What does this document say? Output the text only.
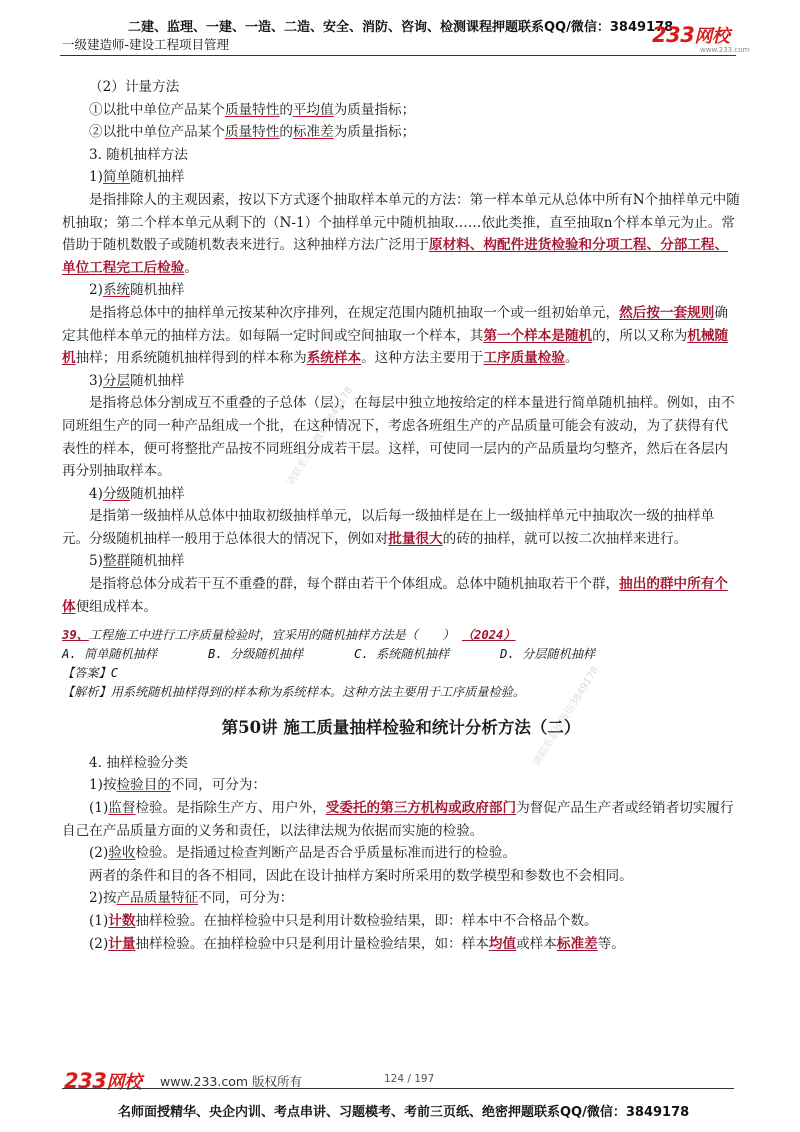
二建、监理、一建、一造、二造、安全、消防、咨询、检测课程押题联系QQ/微信：3849178
一级建造师-建设工程项目管理	233网校
www.233.com
请联系系统微信3849178
请联系系统微信3849178

（2）计量方法

①以批中单位产品某个质量特性的平均值为质量指标；

②以批中单位产品某个质量特性的标准差为质量指标；

3. 随机抽样方法

1)简单随机抽样

是指排除人的主观因素，按以下方式逐个抽取样本单元的方法：第一样本单元从总体中所有N个抽样单元中随机抽取；第二个样本单元从剩下的（N-1）个抽样单元中随机抽取……依此类推，直至抽取n个样本单元为止。常借助于随机数骰子或随机数表来进行。这种抽样方法广泛用于原材料、构配件进货检验和分项工程、分部工程、单位工程完工后检验。

2)系统随机抽样

是指将总体中的抽样单元按某种次序排列，在规定范围内随机抽取一个或一组初始单元，然后按一套规则确定其他样本单元的抽样方法。如每隔一定时间或空间抽取一个样本，其第一个样本是随机的，所以又称为机械随机抽样；用系统随机抽样得到的样本称为系统样本。这种方法主要用于工序质量检验。

3)分层随机抽样

是指将总体分割成互不重叠的子总体（层），在每层中独立地按给定的样本量进行简单随机抽样。例如，由不同班组生产的同一种产品组成一个批，在这种情况下，考虑各班组生产的产品质量可能会有波动，为了获得有代表性的样本，便可将整批产品按不同班组分成若干层。这样，可使同一层内的产品质量均匀整齐，然后在各层内再分别抽取样本。

4)分级随机抽样

是指第一级抽样从总体中抽取初级抽样单元，以后每一级抽样是在上一级抽样单元中抽取次一级的抽样单元。分级随机抽样一般用于总体很大的情况下，例如对批量很大的砖的抽样，就可以按二次抽样来进行。

5)整群随机抽样

是指将总体分成若干互不重叠的群，每个群由若干个体组成。总体中随机抽取若干个群，抽出的群中所有个体便组成样本。

39、工程施工中进行工序质量检验时，宜采用的随机抽样方法是（　　） （2024）
A. 简单随机抽样	B. 分级随机抽样	C. 系统随机抽样	D. 分层随机抽样
【答案】C
【解析】用系统随机抽样得到的样本称为系统样本。这种方法主要用于工序质量检验。
第50讲 施工质量抽样检验和统计分析方法（二）

4. 抽样检验分类

1)按检验目的不同，可分为：

(1)监督检验。是指除生产方、用户外，受委托的第三方机构或政府部门为督促产品生产者或经销者切实履行自己在产品质量方面的义务和责任，以法律法规为依据而实施的检验。

(2)验收检验。是指通过检查判断产品是否合乎质量标准而进行的检验。

两者的条件和目的各不相同，因此在设计抽样方案时所采用的数学模型和参数也不会相同。

2)按产品质量特征不同，可分为：

(1)计数抽样检验。在抽样检验中只是利用计数检验结果，即：样本中不合格品个数。

(2)计量抽样检验。在抽样检验中只是利用计量检验结果，如：样本均值或样本标准差等。

233网校 www.233.com 版权所有	124 / 197
名师面授精华、央企内训、考点串讲、习题模考、考前三页纸、绝密押题联系QQ/微信：3849178
